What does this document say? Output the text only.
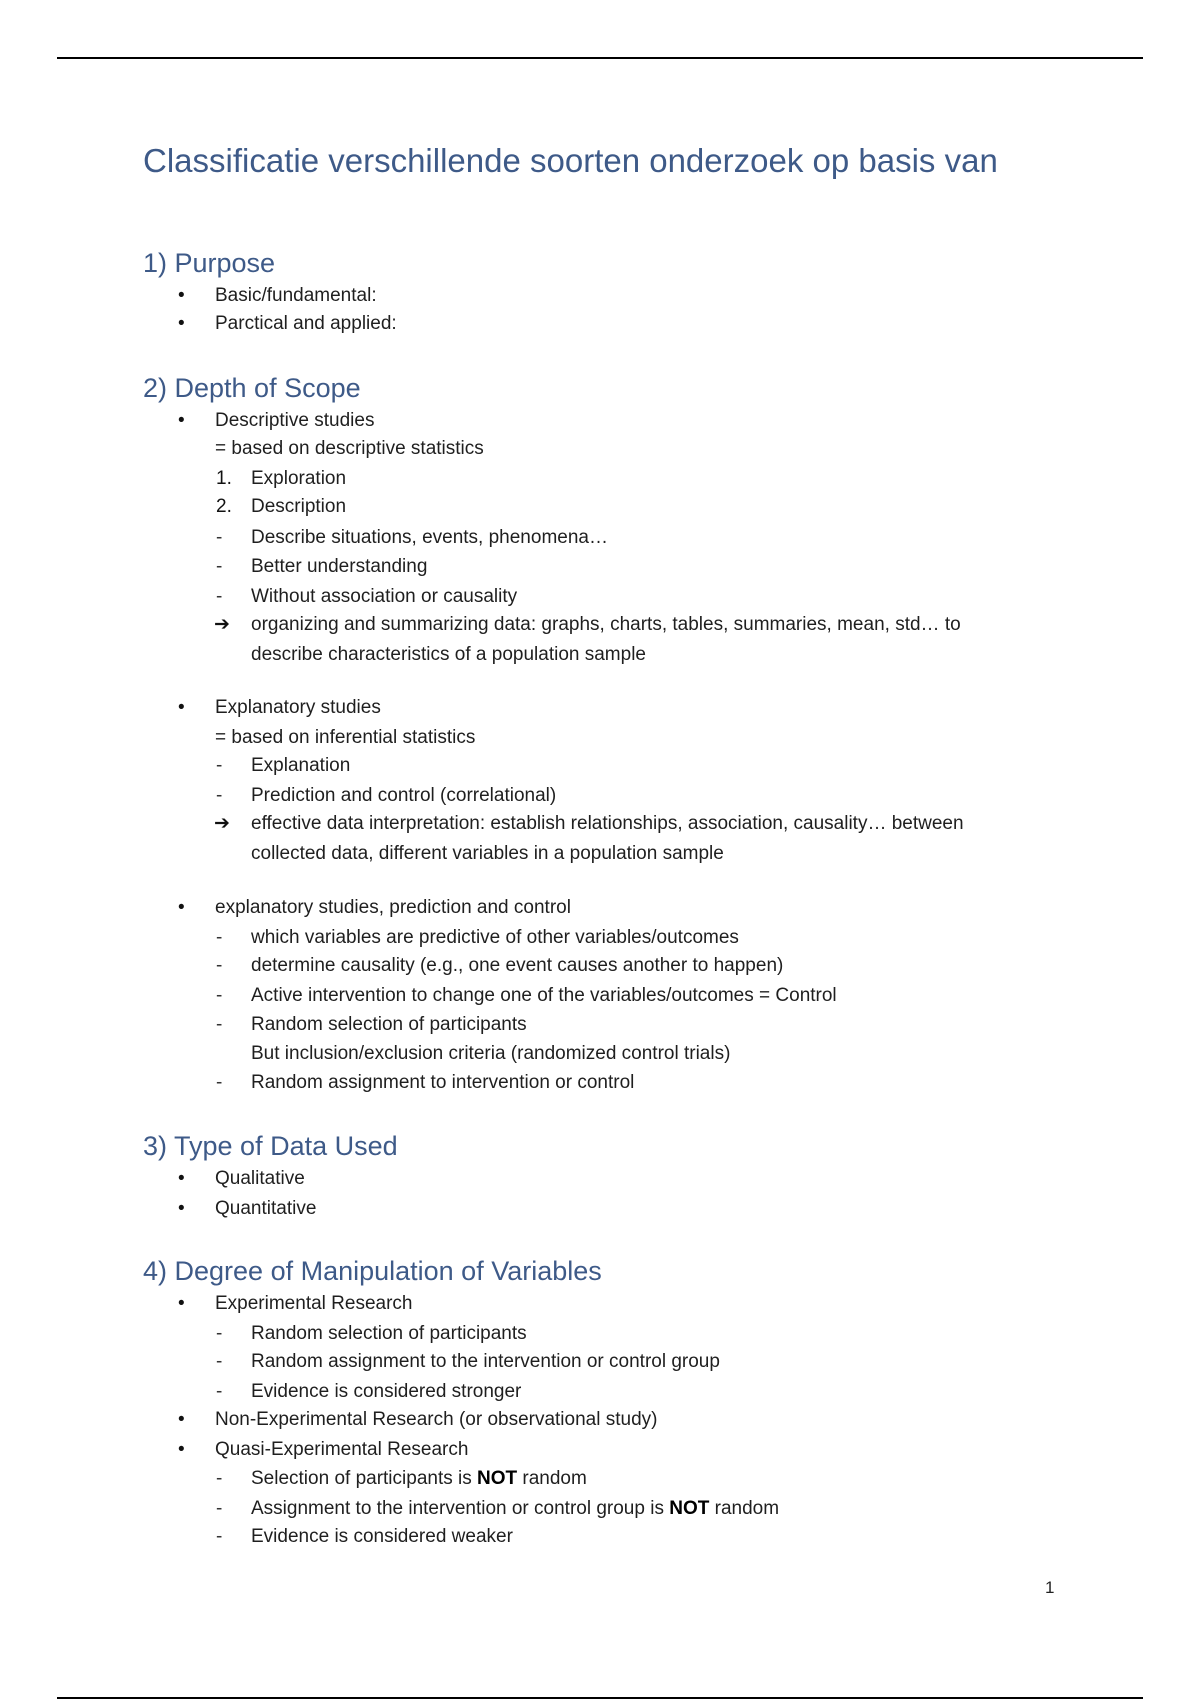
Classificatie verschillende soorten onderzoek op basis van
1) Purpose
• Basic/fundamental:
• Parctical and applied:
2) Depth of Scope
• Descriptive studies
= based on descriptive statistics
1. Exploration
2. Description
- Describe situations, events, phenomena…
- Better understanding
- Without association or causality
➔ organizing and summarizing data: graphs, charts, tables, summaries, mean, std… to
describe characteristics of a population sample
• Explanatory studies
= based on inferential statistics
- Explanation
- Prediction and control (correlational)
➔ effective data interpretation: establish relationships, association, causality… between
collected data, different variables in a population sample
• explanatory studies, prediction and control
- which variables are predictive of other variables/outcomes
- determine causality (e.g., one event causes another to happen)
- Active intervention to change one of the variables/outcomes = Control
- Random selection of participants
But inclusion/exclusion criteria (randomized control trials)
- Random assignment to intervention or control
3) Type of Data Used
• Qualitative
• Quantitative
4) Degree of Manipulation of Variables
• Experimental Research
- Random selection of participants
- Random assignment to the intervention or control group
- Evidence is considered stronger
• Non-Experimental Research (or observational study)
• Quasi-Experimental Research
- Selection of participants is NOT random
- Assignment to the intervention or control group is NOT random
- Evidence is considered weaker
1
